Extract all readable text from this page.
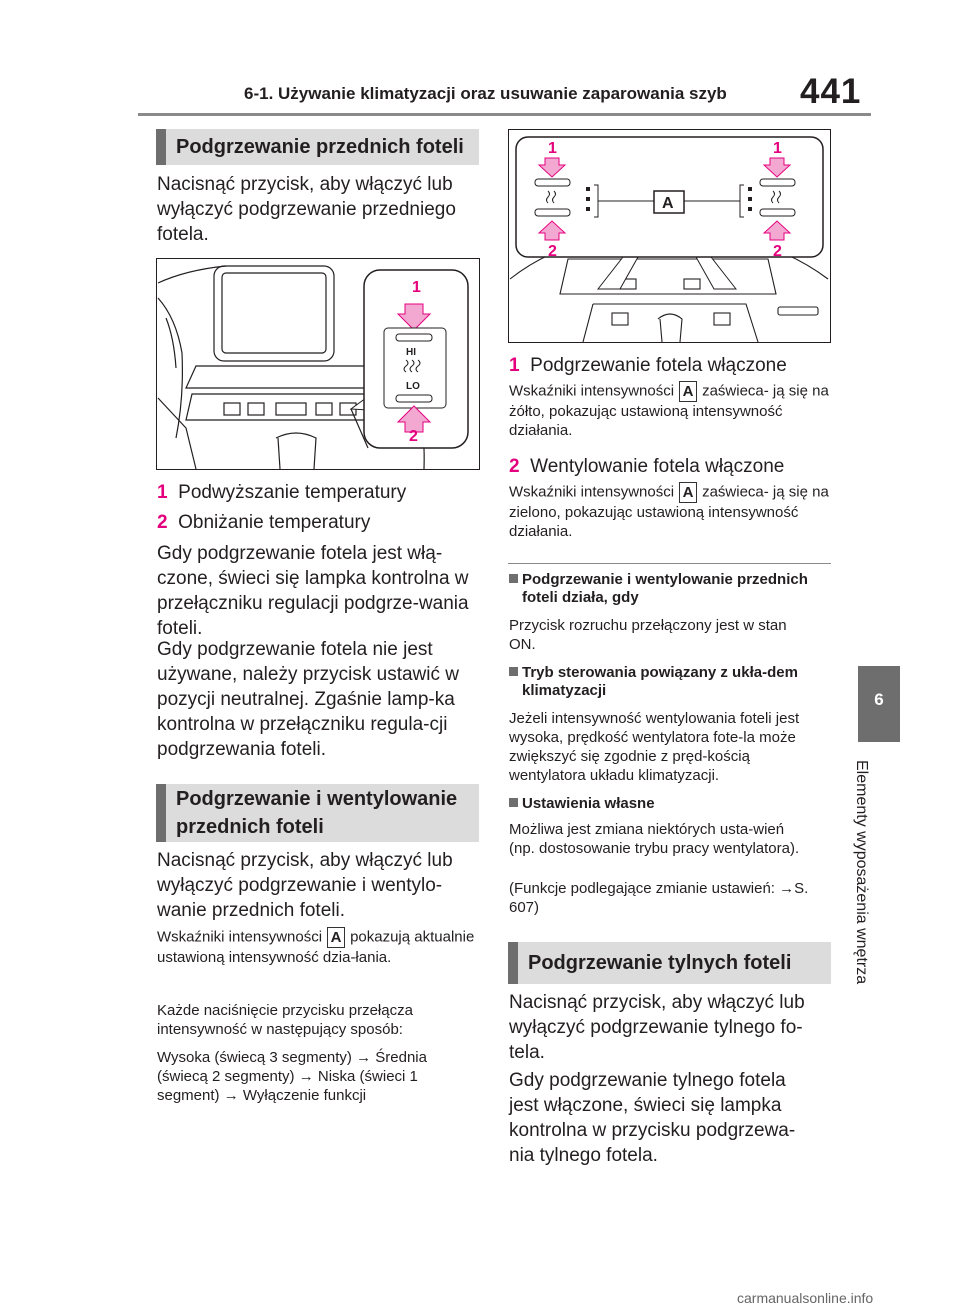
6-1. Używanie klimatyzacji oraz usuwanie zaparowania szyb 441
6
Elementy wyposażenia wnętrza
Podgrzewanie przednich foteli
Nacisnąć przycisk, aby włączyć lub wyłączyć podgrzewanie przedniego fotela.
1
HI
LO
2
1 Podwyższanie temperatury
2 Obniżanie temperatury
Gdy podgrzewanie fotela jest włą-czone, świeci się lampka kontrolna w przełączniku regulacji podgrze-wania foteli.
Gdy podgrzewanie fotela nie jest używane, należy przycisk ustawić w pozycji neutralnej. Zgaśnie lamp-ka kontrolna w przełączniku regula-cji podgrzewania foteli.
Podgrzewanie i wentylowanie
przednich foteli
Nacisnąć przycisk, aby włączyć lub wyłączyć podgrzewanie i wentylo-wanie przednich foteli.
Wskaźniki intensywności A pokazują aktualnie ustawioną intensywność dzia-łania.
Każde naciśnięcie przycisku przełącza intensywność w następujący sposób:
Wysoka (świecą 3 segmenty) → Średnia (świecą 2 segmenty) → Niska (świeci 1 segment) → Wyłączenie funkcji
1	1
A
2	2
1 Podgrzewanie fotela włączone
Wskaźniki intensywności A zaświeca- ją się na żółto, pokazując ustawioną intensywność działania.
2 Wentylowanie fotela włączone
Wskaźniki intensywności A zaświeca- ją się na zielono, pokazując ustawioną intensywność działania.
Podgrzewanie i wentylowanie przednich foteli działa, gdy
Przycisk rozruchu przełączony jest w stan ON.
Tryb sterowania powiązany z ukła-dem klimatyzacji
Jeżeli intensywność wentylowania foteli jest wysoka, prędkość wentylatora fote-la może zwiększyć się zgodnie z pręd-kością wentylatora układu klimatyzacji.
Ustawienia własne
Możliwa jest zmiana niektórych usta-wień (np. dostosowanie trybu pracy wentylatora).
(Funkcje podlegające zmianie ustawień: →S. 607)
Podgrzewanie tylnych foteli
Nacisnąć przycisk, aby włączyć lub wyłączyć podgrzewanie tylnego fo-tela.
Gdy podgrzewanie tylnego fotela jest włączone, świeci się lampka kontrolna w przycisku podgrzewa-nia tylnego fotela.
carmanualsonline.info
